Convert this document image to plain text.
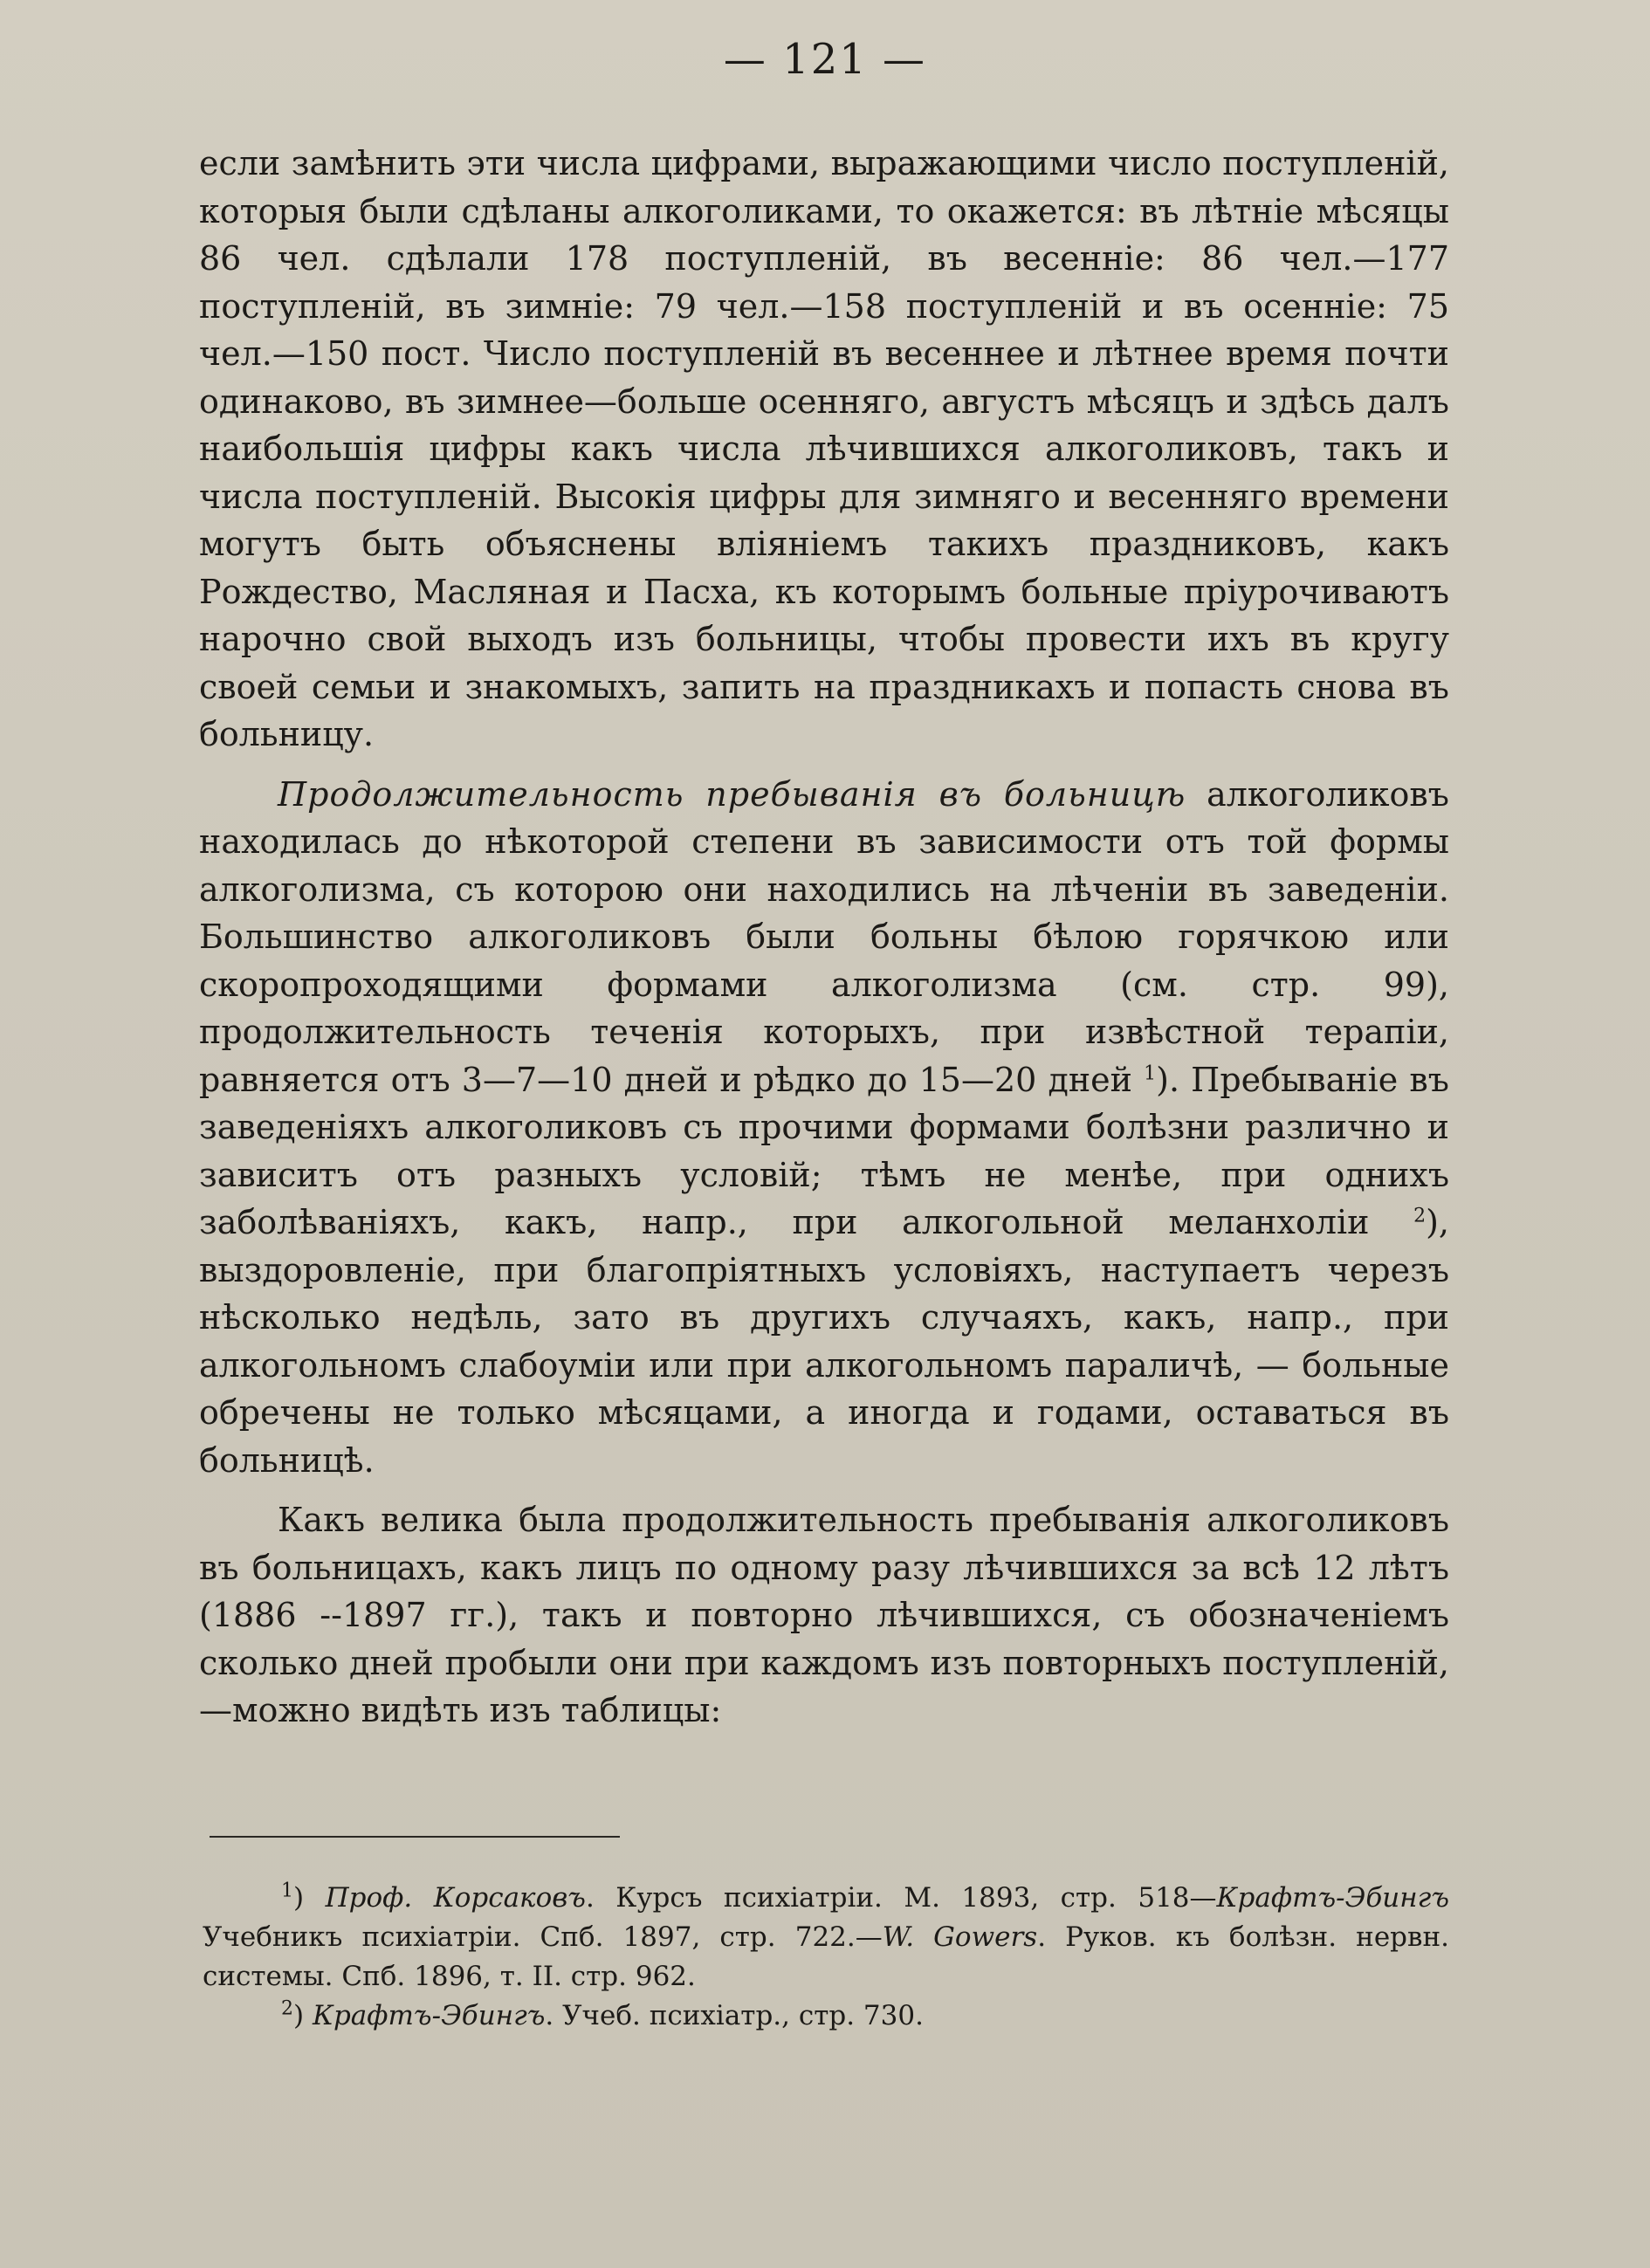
— 121 —

если замѣнить эти числа цифрами, выражающими число поступленій, которыя были сдѣланы алкоголиками, то окажется: въ лѣтніе мѣсяцы 86 чел. сдѣлали 178 поступленій, въ весенніе: 86 чел.—177 поступленій, въ зимніе: 79 чел.—158 поступленій и въ осенніе: 75 чел.—150 пост. Число поступленій въ весеннее и лѣтнее время почти одинаково, въ зимнее—больше осенняго, августъ мѣсяцъ и здѣсь далъ наибольшія цифры какъ числа лѣчившихся алкоголиковъ, такъ и числа поступленій. Высокія цифры для зимняго и весенняго времени могутъ быть объяснены вліяніемъ такихъ праздниковъ, какъ Рождество, Масляная и Пасха, къ которымъ больные пріурочиваютъ нарочно свой выходъ изъ больницы, чтобы провести ихъ въ кругу своей семьи и знакомыхъ, запить на праздникахъ и попасть снова въ больницу.

Продолжительность пребыванія въ больницѣ алкоголиковъ находилась до нѣкоторой степени въ зависимости отъ той формы алкоголизма, съ которою они находились на лѣченіи въ заведеніи. Большинство алкоголиковъ были больны бѣлою горячкою или скоропроходящими формами алкоголизма (см. стр. 99), продолжительность теченія которыхъ, при извѣстной терапіи, равняется отъ 3—7—10 дней и рѣдко до 15—20 дней $^1$). Пребываніе въ заведеніяхъ алкоголиковъ съ прочими формами болѣзни различно и зависитъ отъ разныхъ условій; тѣмъ не менѣе, при однихъ заболѣваніяхъ, какъ, напр., при алкогольной меланхоліи $^2$), выздоровленіе, при благопріятныхъ условіяхъ, наступаетъ черезъ нѣсколько недѣль, зато въ другихъ случаяхъ, какъ, напр., при алкогольномъ слабоуміи или при алкогольномъ параличѣ, — больные обречены не только мѣсяцами, а иногда и годами, оставаться въ больницѣ.

Какъ велика была продолжительность пребыванія алкоголиковъ въ больницахъ, какъ лицъ по одному разу лѣчившихся за всѣ 12 лѣтъ (1886 --1897 гг.), такъ и повторно лѣчившихся, съ обозначеніемъ сколько дней пробыли они при каждомъ изъ повторныхъ поступленій,—можно видѣть изъ таблицы:

$^1$) Проф. Корсаковъ. Курсъ психіатріи. М. 1893, стр. 518—Крафтъ-Эбингъ Учебникъ психіатріи. Спб. 1897, стр. 722.—W. Gowers. Руков. къ болѣзн. нервн. системы. Спб. 1896, т. II. стр. 962.

$^2$) Крафтъ-Эбингъ. Учеб. психіатр., стр. 730.
